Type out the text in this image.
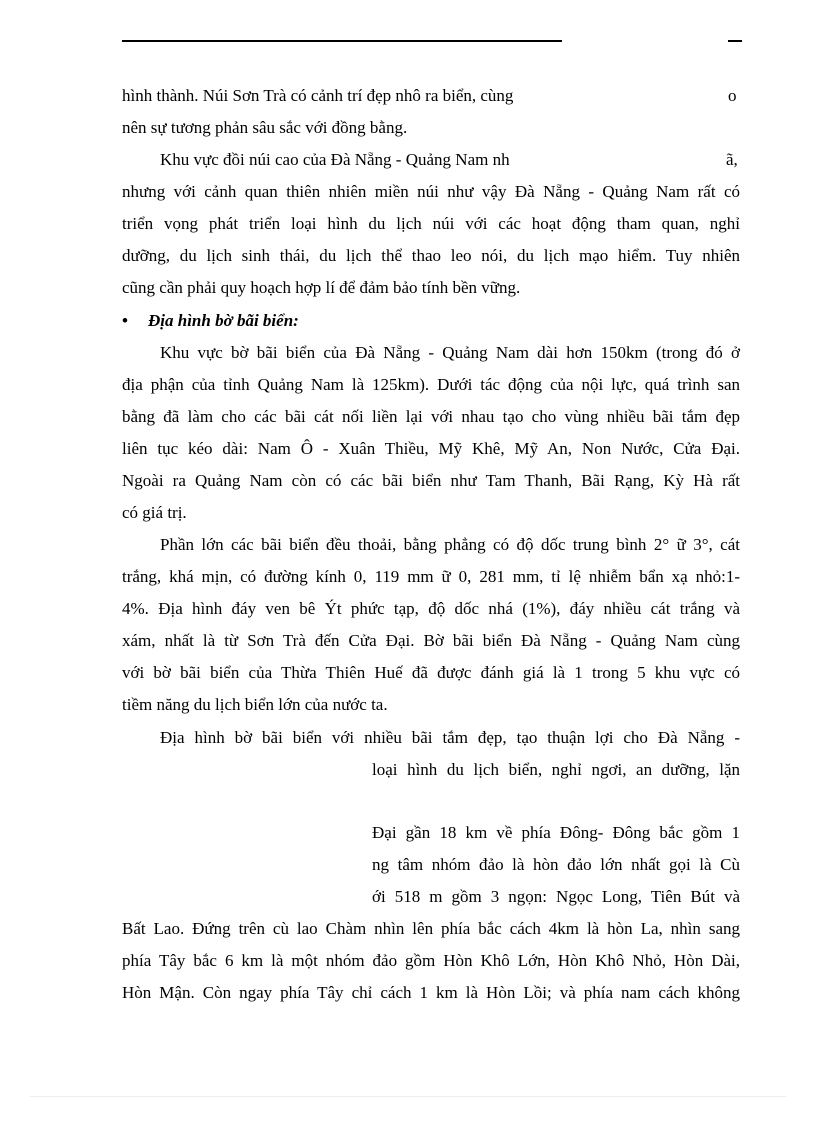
hình thành. Núi Sơn Trà có cảnh trí đẹp nhô ra biển, cùng	o
nên sự tương phản sâu sắc với đồng bằng.
Khu vực đồi núi cao của Đà Nẵng - Quảng Nam nh	ã,
nhưng với cảnh quan thiên nhiên miền núi như vậy Đà Nẵng - Quảng Nam rất có
triển vọng phát triển loại hình du lịch núi với các hoạt động tham quan, nghỉ
dưỡng, du lịch sinh thái, du lịch thể thao leo nói, du lịch mạo hiểm. Tuy nhiên
cũng cần phải quy hoạch hợp lí để đảm bảo tính bền vững.
• Địa hình bờ bãi biển:
Khu vực bờ bãi biển của Đà Nẵng - Quảng Nam dài hơn 150km (trong đó ở
địa phận của tỉnh Quảng Nam là 125km). Dưới tác động của nội lực, quá trình san
bằng đã làm cho các bãi cát nối liền lại với nhau tạo cho vùng nhiều bãi tắm đẹp
liên tục kéo dài: Nam Ô - Xuân Thiều, Mỹ Khê, Mỹ An, Non Nước, Cửa Đại.
Ngoài ra Quảng Nam còn có các bãi biển như Tam Thanh, Bãi Rạng, Kỳ Hà rất
có giá trị.
Phần lớn các bãi biển đều thoải, bằng phẳng có độ dốc trung bình 2° ữ 3°, cát
trắng, khá mịn, có đường kính 0, 119 mm ữ 0, 281 mm, tỉ lệ nhiễm bẩn xạ nhỏ:1-
4%. Địa hình đáy ven bê Ýt phức tạp, độ dốc nhá (1%), đáy nhiều cát trắng và
xám, nhất là từ Sơn Trà đến Cửa Đại. Bờ bãi biển Đà Nẵng - Quảng Nam cùng
với bờ bãi biển của Thừa Thiên Huế đã được đánh giá là 1 trong 5 khu vực có
tiềm năng du lịch biển lớn của nước ta.
Địa hình bờ bãi biển với nhiều bãi tắm đẹp, tạo thuận lợi cho Đà Nẵng -
loại hình du lịch biển, nghỉ ngơi, an dưỡng, lặn
Đại gần 18 km về phía Đông- Đông bắc gồm 1
ng tâm nhóm đảo là hòn đảo lớn nhất gọi là Cù
ới 518 m gồm 3 ngọn: Ngọc Long, Tiên Bút và
Bất Lao. Đứng trên cù lao Chàm nhìn lên phía bắc cách 4km là hòn La, nhìn sang
phía Tây bắc 6 km là một nhóm đảo gồm Hòn Khô Lớn, Hòn Khô Nhỏ, Hòn Dài,
Hòn Mận. Còn ngay phía Tây chỉ cách 1 km là Hòn Lồi; và phía nam cách không
